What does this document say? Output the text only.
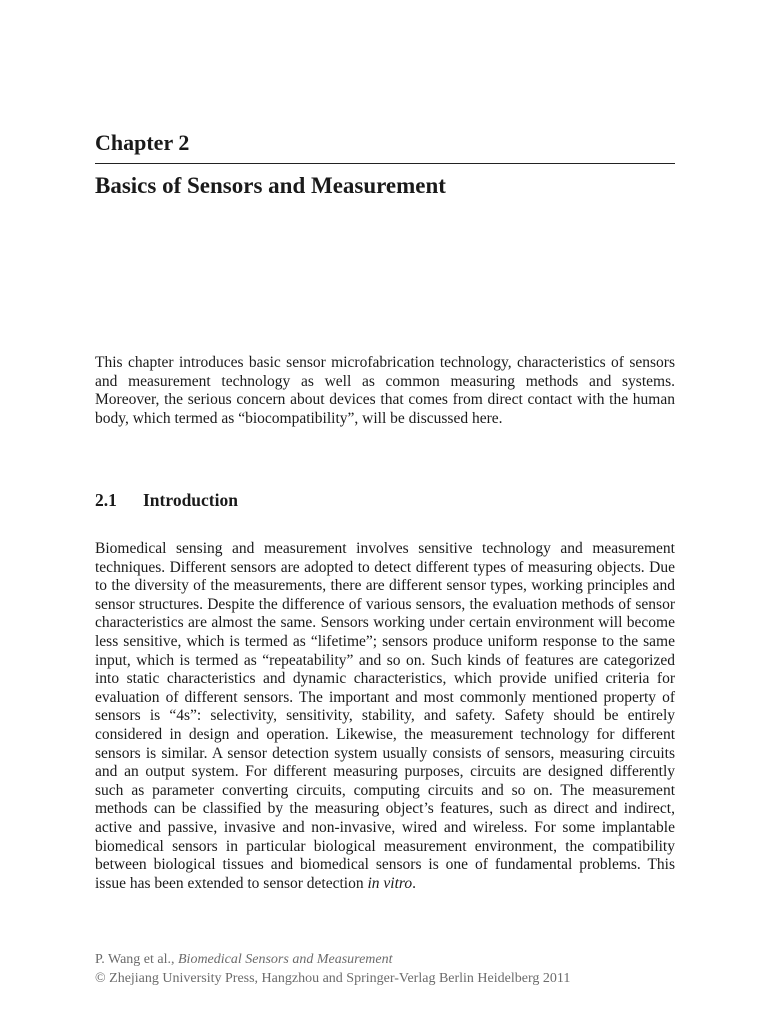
Chapter 2
Basics of Sensors and Measurement

This chapter introduces basic sensor microfabrication technology, characteristics of sensors and measurement technology as well as common measuring methods and systems. Moreover, the serious concern about devices that comes from direct contact with the human body, which termed as “biocompatibility”, will be discussed here.

2.1 Introduction

Biomedical sensing and measurement involves sensitive technology and measurement techniques. Different sensors are adopted to detect different types of measuring objects. Due to the diversity of the measurements, there are different sensor types, working principles and sensor structures. Despite the difference of various sensors, the evaluation methods of sensor characteristics are almost the same. Sensors working under certain environment will become less sensitive, which is termed as “lifetime”; sensors produce uniform response to the same input, which is termed as “repeatability” and so on. Such kinds of features are categorized into static characteristics and dynamic characteristics, which provide unified criteria for evaluation of different sensors. The important and most commonly mentioned property of sensors is “4s”: selectivity, sensitivity, stability, and safety. Safety should be entirely considered in design and operation. Likewise, the measurement technology for different sensors is similar. A sensor detection system usually consists of sensors, measuring circuits and an output system. For different measuring purposes, circuits are designed differently such as parameter converting circuits, computing circuits and so on. The measurement methods can be classified by the measuring object’s features, such as direct and indirect, active and passive, invasive and non-invasive, wired and wireless. For some implantable biomedical sensors in particular biological measurement environment, the compatibility between biological tissues and biomedical sensors is one of fundamental problems. This issue has been extended to sensor detection in vitro.

P. Wang et al., Biomedical Sensors and Measurement
© Zhejiang University Press, Hangzhou and Springer-Verlag Berlin Heidelberg 2011
